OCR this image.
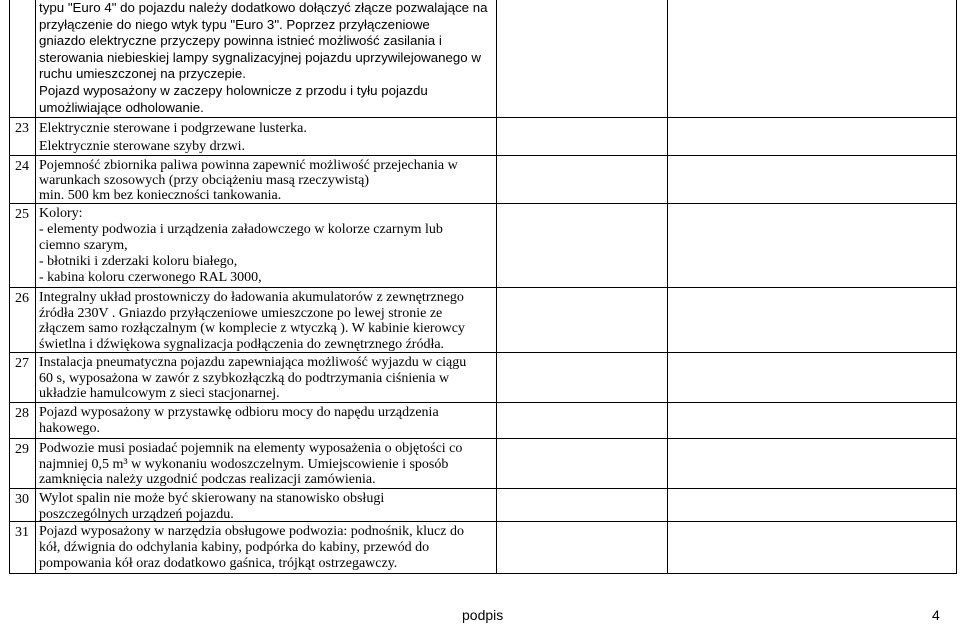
typu "Euro 4" do pojazdu należy dodatkowo dołączyć złącze pozwalające na
przyłączenie do niego wtyk typu "Euro 3". Poprzez przyłączeniowe
gniazdo elektryczne przyczepy powinna istnieć możliwość zasilania i
sterowania niebieskiej lampy sygnalizacyjnej pojazdu uprzywilejowanego w
ruchu umieszczonej na przyczepie.
Pojazd wyposażony w zaczepy holownicze z przodu i tyłu pojazdu
umożliwiające odholowanie.
23 Elektrycznie sterowane i podgrzewane lusterka.
Elektrycznie sterowane szyby drzwi.
24 Pojemność zbiornika paliwa powinna zapewnić możliwość przejechania w
warunkach szosowych (przy obciążeniu masą rzeczywistą)
min. 500 km bez konieczności tankowania.
25 Kolory:
- elementy podwozia i urządzenia załadowczego w kolorze czarnym lub
ciemno szarym,
- błotniki i zderzaki koloru białego,
- kabina koloru czerwonego RAL 3000,
26 Integralny układ prostowniczy do ładowania akumulatorów z zewnętrznego
źródła 230V . Gniazdo przyłączeniowe umieszczone po lewej stronie ze
złączem samo rozłączalnym (w komplecie z wtyczką ). W kabinie kierowcy
świetlna i dźwiękowa sygnalizacja podłączenia do zewnętrznego źródła.
27 Instalacja pneumatyczna pojazdu zapewniająca możliwość wyjazdu w ciągu
60 s, wyposażona w zawór z szybkozłączką do podtrzymania ciśnienia w
układzie hamulcowym z sieci stacjonarnej.
28 Pojazd wyposażony w przystawkę odbioru mocy do napędu urządzenia
hakowego.
29 Podwozie musi posiadać pojemnik na elementy wyposażenia o objętości co
najmniej 0,5 m³ w wykonaniu wodoszczelnym. Umiejscowienie i sposób
zamknięcia należy uzgodnić podczas realizacji zamówienia.
30 Wylot spalin nie może być skierowany na stanowisko obsługi
poszczególnych urządzeń pojazdu.
31 Pojazd wyposażony w narzędzia obsługowe podwozia: podnośnik, klucz do
kół, dźwignia do odchylania kabiny, podpórka do kabiny, przewód do
pompowania kół oraz dodatkowo gaśnica, trójkąt ostrzegawczy.
podpis	4
